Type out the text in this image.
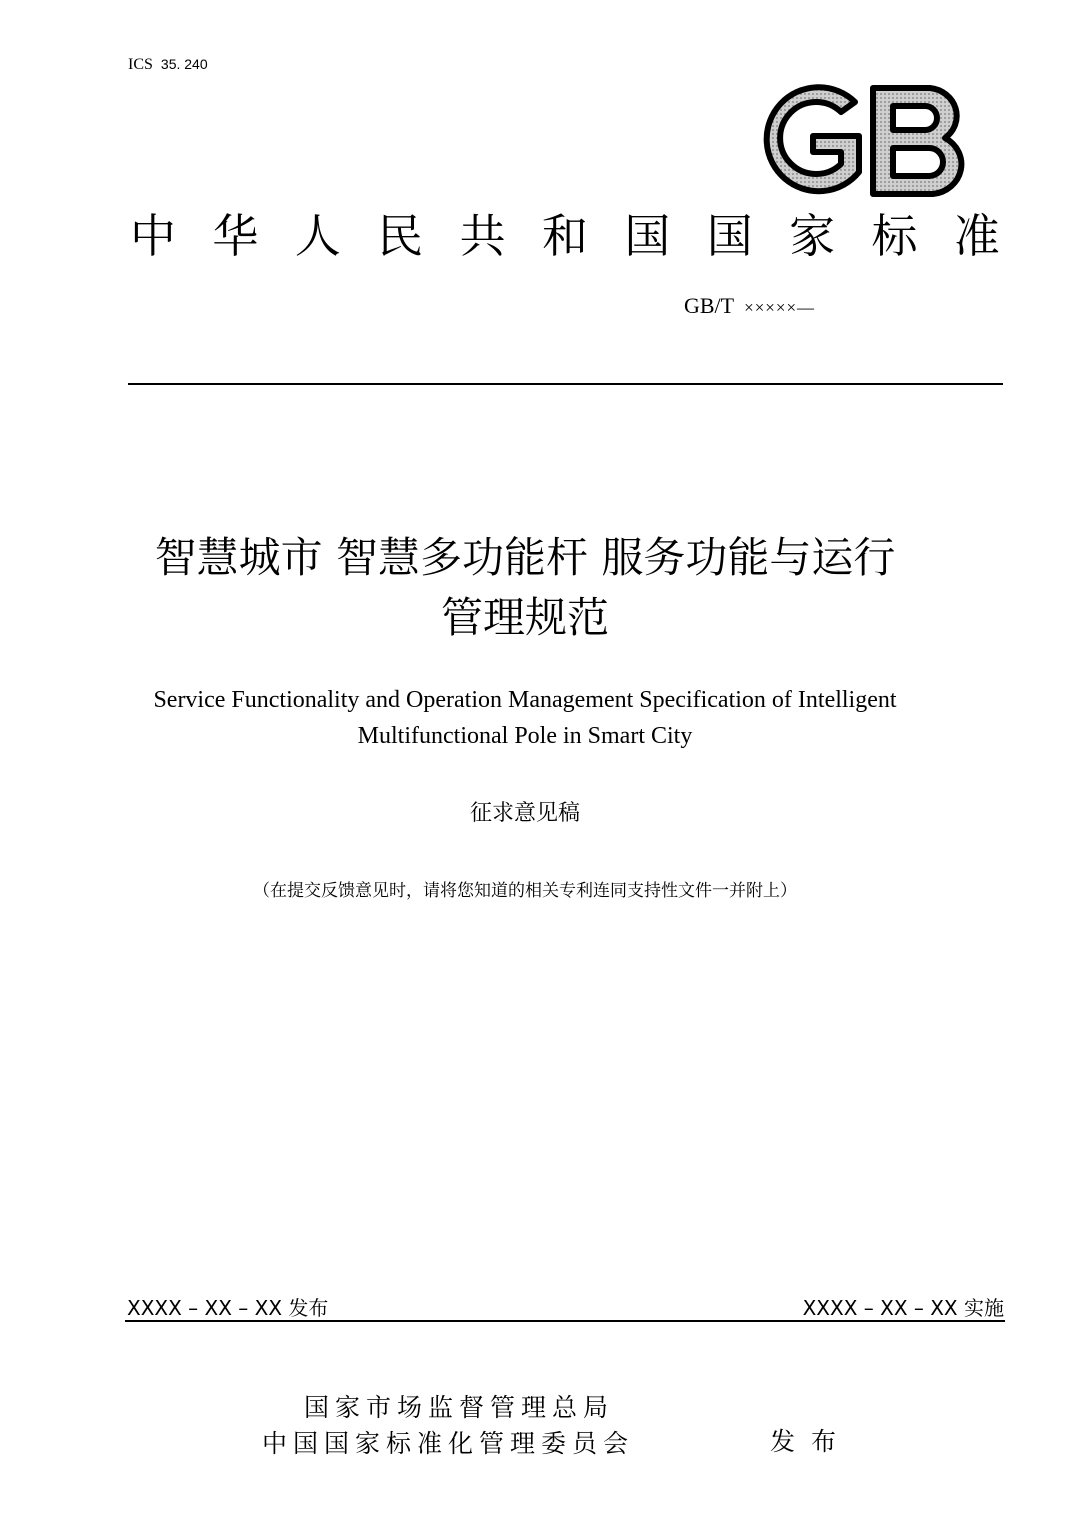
ICS 35. 240
中 华 人 民 共 和 国 国 家 标 准
GB/T ×××××—
智慧城市 智慧多功能杆 服务功能与运行
管理规范
Service Functionality and Operation Management Specification of Intelligent
Multifunctional Pole in Smart City
征求意见稿
（在提交反馈意见时，请将您知道的相关专利连同支持性文件一并附上）
XXXX – XX – XX 发布	XXXX – XX – XX 实施
国家市场监督管理总局
中国国家标准化管理委员会	发布
